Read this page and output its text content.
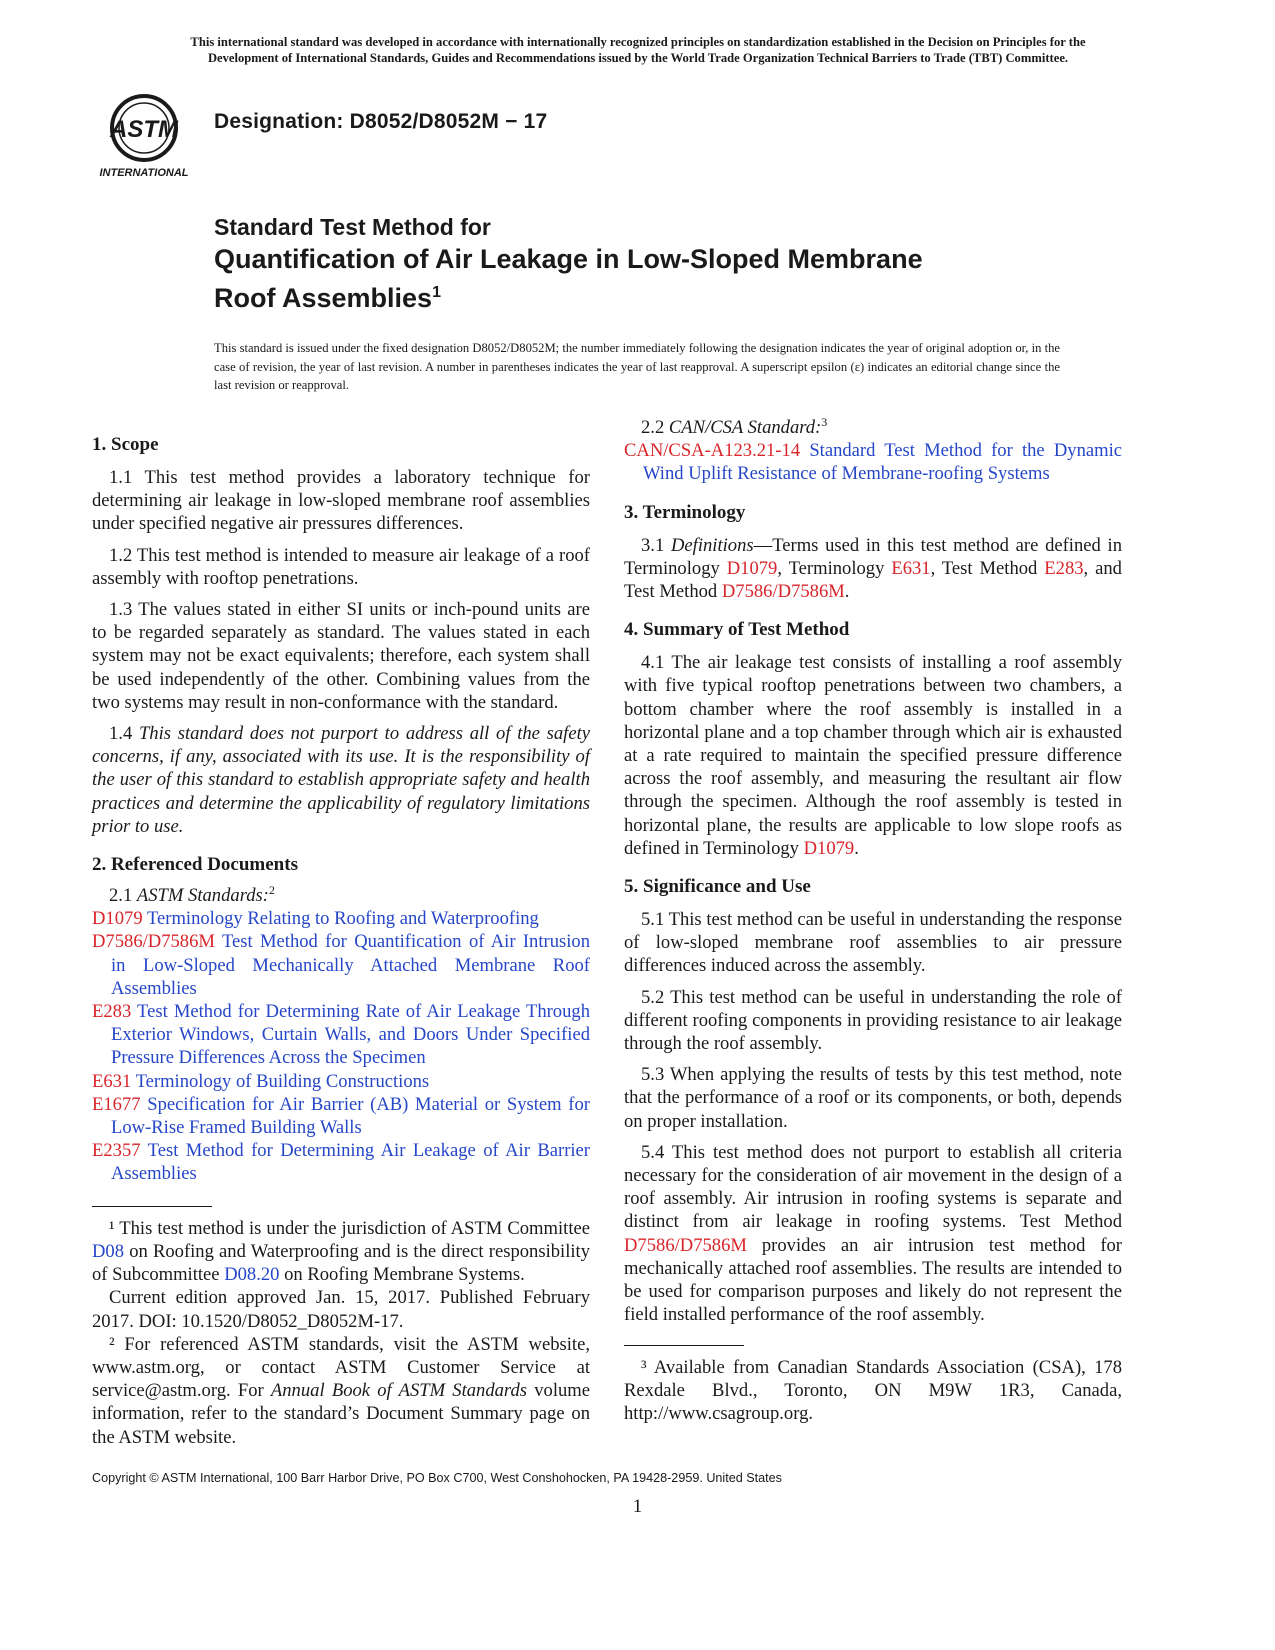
This international standard was developed in accordance with internationally recognized principles on standardization established in the Decision on Principles for the
Development of International Standards, Guides and Recommendations issued by the World Trade Organization Technical Barriers to Trade (TBT) Committee.
ASTM
INTERNATIONAL
Designation: D8052/D8052M − 17
Standard Test Method for
Quantification of Air Leakage in Low-Sloped Membrane
Roof Assemblies$^1$
This standard is issued under the fixed designation D8052/D8052M; the number immediately following the designation indicates the year of original adoption or, in the case of revision, the year of last revision. A number in parentheses indicates the year of last reapproval. A superscript epsilon (ε) indicates an editorial change since the last revision or reapproval.
1. Scope

1.1 This test method provides a laboratory technique for determining air leakage in low-sloped membrane roof assemblies under specified negative air pressures differences.

1.2 This test method is intended to measure air leakage of a roof assembly with rooftop penetrations.

1.3 The values stated in either SI units or inch-pound units are to be regarded separately as standard. The values stated in each system may not be exact equivalents; therefore, each system shall be used independently of the other. Combining values from the two systems may result in non-conformance with the standard.

1.4 This standard does not purport to address all of the safety concerns, if any, associated with its use. It is the responsibility of the user of this standard to establish appropriate safety and health practices and determine the applicability of regulatory limitations prior to use.

2. Referenced Documents

2.1 ASTM Standards:$^2$

D1079 Terminology Relating to Roofing and Waterproofing

D7586/D7586M Test Method for Quantification of Air Intrusion in Low-Sloped Mechanically Attached Membrane Roof Assemblies

E283 Test Method for Determining Rate of Air Leakage Through Exterior Windows, Curtain Walls, and Doors Under Specified Pressure Differences Across the Specimen

E631 Terminology of Building Constructions

E1677 Specification for Air Barrier (AB) Material or System for Low-Rise Framed Building Walls

E2357 Test Method for Determining Air Leakage of Air Barrier Assemblies

¹ This test method is under the jurisdiction of ASTM Committee D08 on Roofing and Waterproofing and is the direct responsibility of Subcommittee D08.20 on Roofing Membrane Systems.

Current edition approved Jan. 15, 2017. Published February 2017. DOI: 10.1520/D8052_D8052M-17.

² For referenced ASTM standards, visit the ASTM website, www.astm.org, or contact ASTM Customer Service at service@astm.org. For Annual Book of ASTM Standards volume information, refer to the standard’s Document Summary page on the ASTM website.

2.2 CAN/CSA Standard:$^3$

CAN/CSA-A123.21-14 Standard Test Method for the Dynamic Wind Uplift Resistance of Membrane-roofing Systems

3. Terminology

3.1 Definitions—Terms used in this test method are defined in Terminology D1079, Terminology E631, Test Method E283, and Test Method D7586/D7586M.

4. Summary of Test Method

4.1 The air leakage test consists of installing a roof assembly with five typical rooftop penetrations between two chambers, a bottom chamber where the roof assembly is installed in a horizontal plane and a top chamber through which air is exhausted at a rate required to maintain the specified pressure difference across the roof assembly, and measuring the resultant air flow through the specimen. Although the roof assembly is tested in horizontal plane, the results are applicable to low slope roofs as defined in Terminology D1079.

5. Significance and Use

5.1 This test method can be useful in understanding the response of low-sloped membrane roof assemblies to air pressure differences induced across the assembly.

5.2 This test method can be useful in understanding the role of different roofing components in providing resistance to air leakage through the roof assembly.

5.3 When applying the results of tests by this test method, note that the performance of a roof or its components, or both, depends on proper installation.

5.4 This test method does not purport to establish all criteria necessary for the consideration of air movement in the design of a roof assembly. Air intrusion in roofing systems is separate and distinct from air leakage in roofing systems. Test Method D7586/D7586M provides an air intrusion test method for mechanically attached roof assemblies. The results are intended to be used for comparison purposes and likely do not represent the field installed performance of the roof assembly.

³ Available from Canadian Standards Association (CSA), 178 Rexdale Blvd., Toronto, ON M9W 1R3, Canada, http://www.csagroup.org.

Copyright © ASTM International, 100 Barr Harbor Drive, PO Box C700, West Conshohocken, PA 19428-2959. United States
1
